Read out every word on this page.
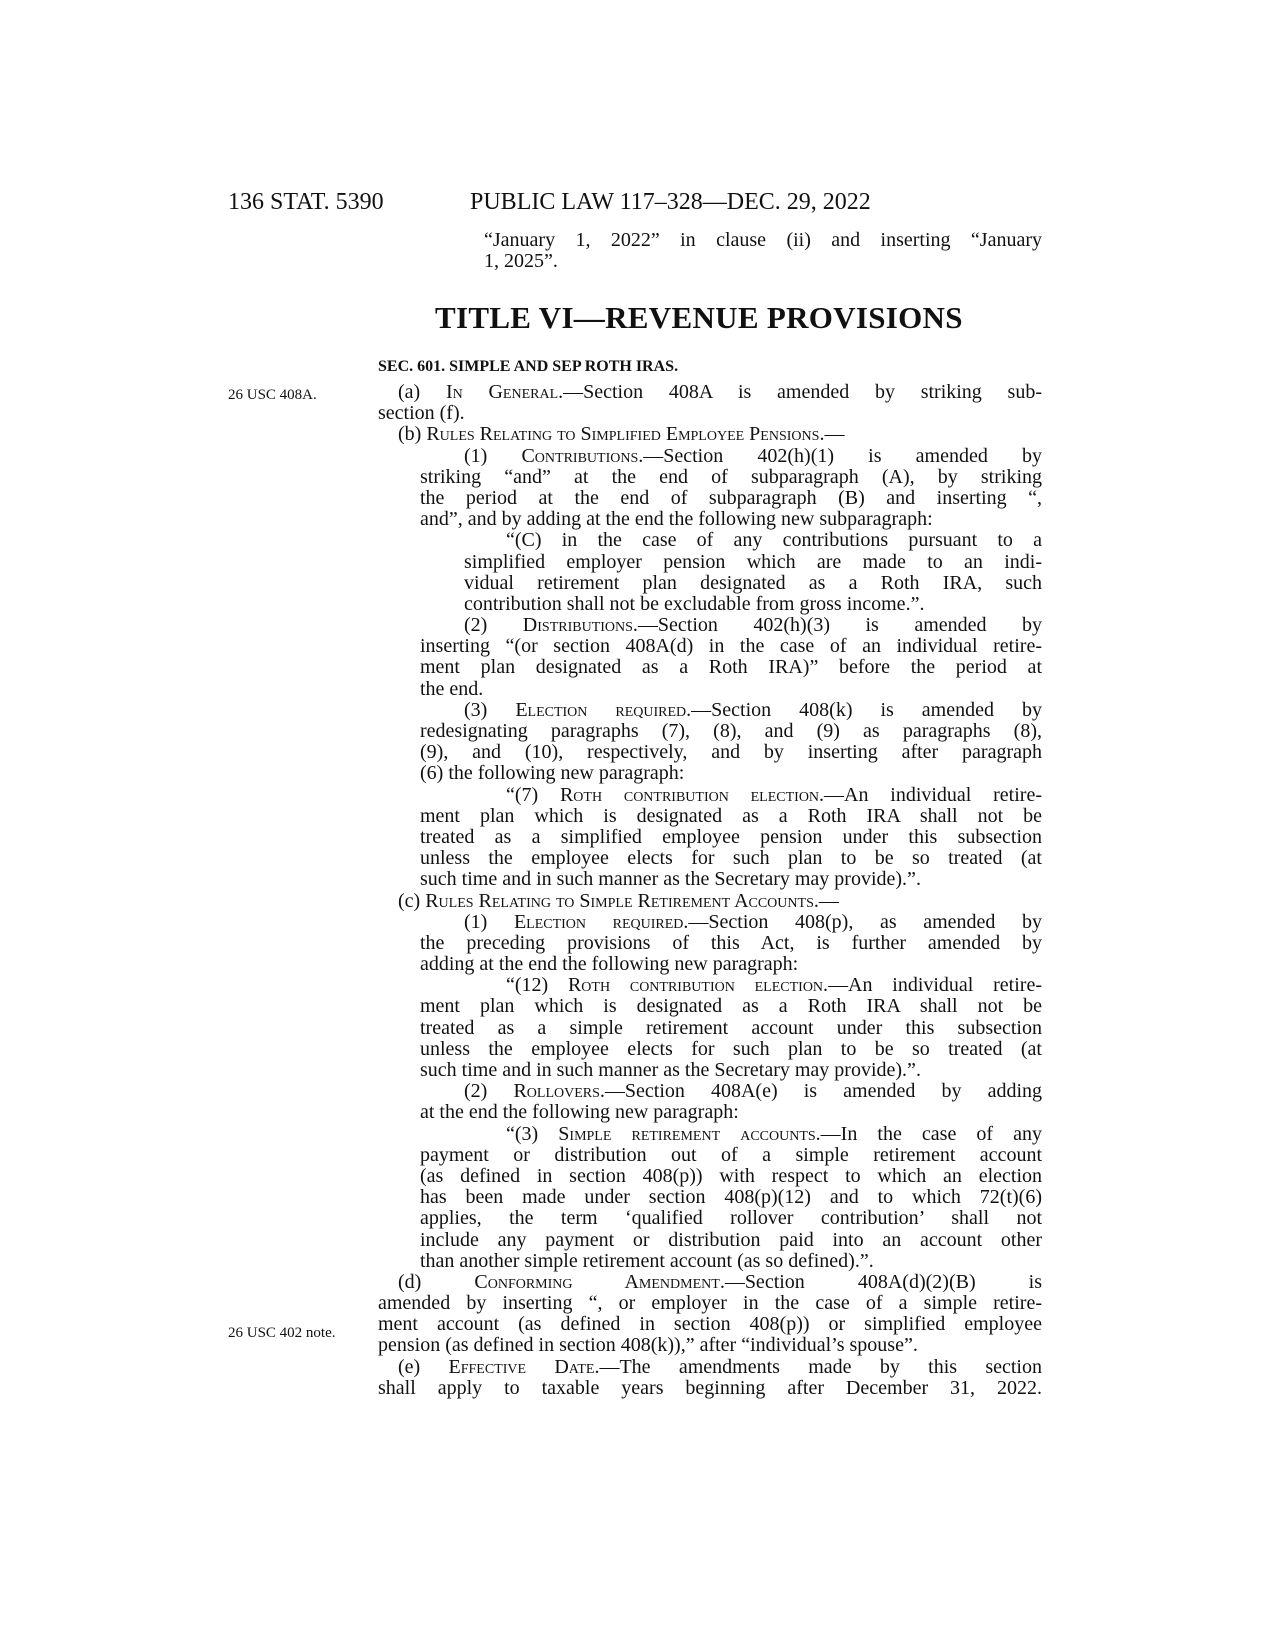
136 STAT. 5390	PUBLIC LAW 117–328—DEC. 29, 2022
“January 1, 2022” in clause (ii) and inserting “January
1, 2025”.
TITLE VI—REVENUE PROVISIONS
SEC. 601. SIMPLE AND SEP ROTH IRAS.
26 USC 408A.
26 USC 402 note.
(a) In General.—Section 408A is amended by striking sub-
section (f).
(b) Rules Relating to Simplified Employee Pensions.—
(1) Contributions.—Section 402(h)(1) is amended by
striking “and” at the end of subparagraph (A), by striking
the period at the end of subparagraph (B) and inserting “,
and”, and by adding at the end the following new subparagraph:
“(C) in the case of any contributions pursuant to a
simplified employer pension which are made to an indi-
vidual retirement plan designated as a Roth IRA, such
contribution shall not be excludable from gross income.”.
(2) Distributions.—Section 402(h)(3) is amended by
inserting “(or section 408A(d) in the case of an individual retire-
ment plan designated as a Roth IRA)” before the period at
the end.
(3) Election required.—Section 408(k) is amended by
redesignating paragraphs (7), (8), and (9) as paragraphs (8),
(9), and (10), respectively, and by inserting after paragraph
(6) the following new paragraph:
“(7) Roth contribution election.—An individual retire-
ment plan which is designated as a Roth IRA shall not be
treated as a simplified employee pension under this subsection
unless the employee elects for such plan to be so treated (at
such time and in such manner as the Secretary may provide).”.
(c) Rules Relating to Simple Retirement Accounts.—
(1) Election required.—Section 408(p), as amended by
the preceding provisions of this Act, is further amended by
adding at the end the following new paragraph:
“(12) Roth contribution election.—An individual retire-
ment plan which is designated as a Roth IRA shall not be
treated as a simple retirement account under this subsection
unless the employee elects for such plan to be so treated (at
such time and in such manner as the Secretary may provide).”.
(2) Rollovers.—Section 408A(e) is amended by adding
at the end the following new paragraph:
“(3) Simple retirement accounts.—In the case of any
payment or distribution out of a simple retirement account
(as defined in section 408(p)) with respect to which an election
has been made under section 408(p)(12) and to which 72(t)(6)
applies, the term ‘qualified rollover contribution’ shall not
include any payment or distribution paid into an account other
than another simple retirement account (as so defined).”.
(d) Conforming Amendment.—Section 408A(d)(2)(B) is
amended by inserting “, or employer in the case of a simple retire-
ment account (as defined in section 408(p)) or simplified employee
pension (as defined in section 408(k)),” after “individual’s spouse”.
(e) Effective Date.—The amendments made by this section
shall apply to taxable years beginning after December 31, 2022.
